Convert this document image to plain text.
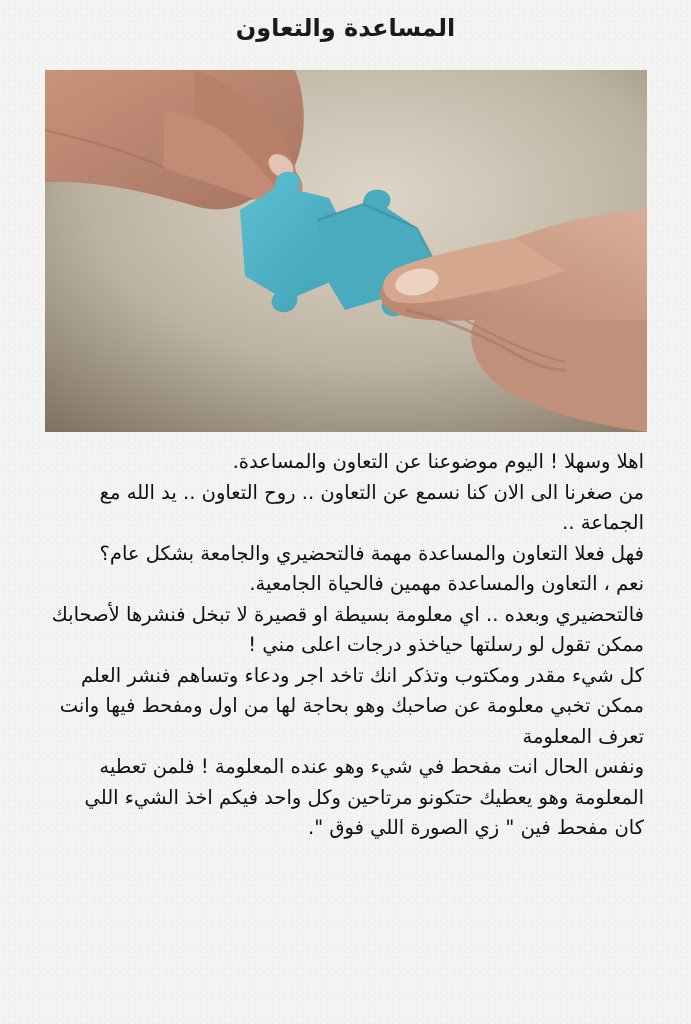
المساعدة والتعاون

اهلا وسهلا ! اليوم موضوعنا عن التعاون والمساعدة.

من صغرنا الى الان كنا نسمع عن التعاون .. روح التعاون .. يد الله مع الجماعة ..

فهل فعلا التعاون والمساعدة مهمة فالتحضيري والجامعة بشكل عام؟

نعم ، التعاون والمساعدة مهمين فالحياة الجامعية.

فالتحضيري وبعده .. اي معلومة بسيطة او قصيرة لا تبخل فنشرها لأصحابك

ممكن تقول لو رسلتها حياخذو درجات اعلى مني !

كل شيء مقدر ومكتوب وتذكر انك تاخد اجر ودعاء وتساهم فنشر العلم

ممكن تخبي معلومة عن صاحبك وهو بحاجة لها من اول ومفحط فيها وانت تعرف المعلومة

ونفس الحال انت مفحط في شيء وهو عنده المعلومة ! فلمن تعطيه المعلومة وهو يعطيك حتكونو مرتاحين وكل واحد فيكم اخذ الشيء اللي كان مفحط فين " زي الصورة اللي فوق ".
